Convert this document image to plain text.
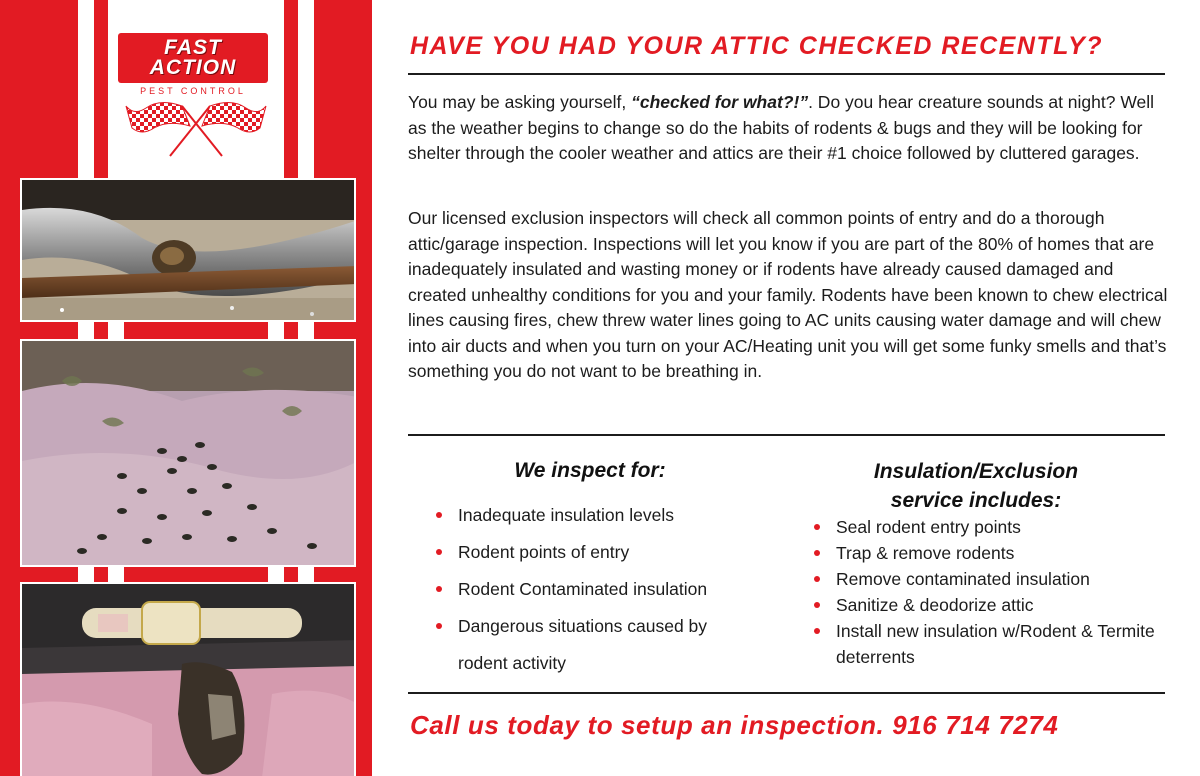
FAST
ACTION
PEST CONTROL
HAVE YOU HAD YOUR ATTIC CHECKED RECENTLY?

You may be asking yourself, “checked for what?!”. Do you hear creature sounds at night? Well as the weather begins to change so do the habits of rodents & bugs and they will be looking for shelter through the cooler weather and attics are their #1 choice followed by cluttered garages.

Our licensed exclusion inspectors will check all common points of entry and do a thorough attic/garage inspection. Inspections will let you know if you are part of the 80% of homes that are inadequately insulated and wasting money or if rodents have already caused damaged and created unhealthy conditions for you and your family. Rodents have been known to chew electrical lines causing fires, chew threw water lines going to AC units causing water damage and will chew into air ducts and when you turn on your AC/Heating unit you will get some funky smells and that’s something you do not want to be breathing in.

We inspect for:
Inadequate insulation levels
Rodent points of entry
Rodent Contaminated insulation
Dangerous situations caused by rodent activity
Insulation/Exclusion
service includes:
Seal rodent entry points
Trap & remove rodents
Remove contaminated insulation
Sanitize & deodorize attic
Install new insulation w/Rodent & Termite deterrents
Call us today to setup an inspection. 916 714 7274
